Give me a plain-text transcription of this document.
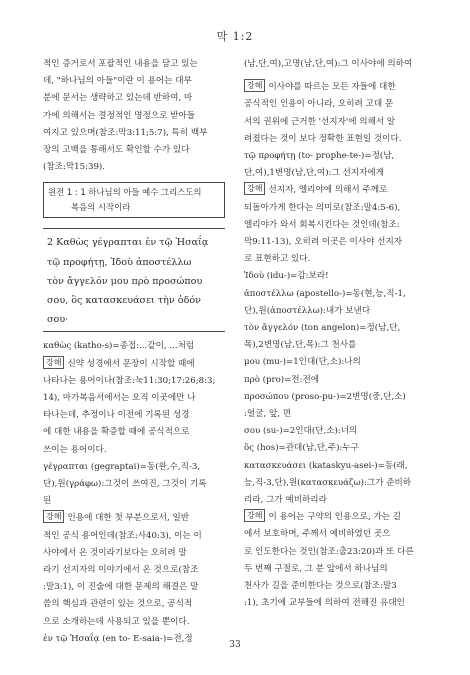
막 1:2
적인 증거로서 포괄적인 내용을 담고 있는
데, "하나님의 아들"이란 이 용어는 대부
분에 문서는 생략하고 있는데 반하여, 마
가에 의해서는 결정적인 명정으로 받아들
여지고 있으며(참조:막3:11;5:7), 특히 백부
장의 고백을 통해서도 확인할 수가 있다
(참조:막15:39).
원전 1 : 1 하나님의 아들 예수 그리스도의
복음의 시작이라
2 Καθὼς γέγραπται ἐν τῷ Ἠσαΐᾳ
τῷ προφήτῃ, Ἰδοὺ ἀποστέλλω
τὸν ἄγγελόν μου πρὸ προσώπου
σου, ὃς κατασκευάσει τὴν ὁδόν
σου·
καθὼς (katho-s)=종접:...같이, ...처럼
강해 신약 성경에서 문장이 시작할 때에
나타나는 용어이나(참조:눅11:30;17:26;8:3;
14), 마가복음서에서는 오직 이곳에만 나
타나는데, 추정이나 이전에 기록된 성경
에 대한 내용을 확증할 때에 공식적으로
쓰이는 용어이다.
γέγραπται (gegraptai)=동(완,수,직-3,
단),원(γράφω):그것이 쓰여진, 그것이 기록
된
강해 인용에 대한 첫 부분으로서, 일반
적인 공식 용어인데(참조:사40:3), 이는 이
사야에서 온 것이라기보다는 오히려 말
라기 선지자의 이야기에서 온 것으로(참조
:말3:1), 이 진술에 대한 문제의 해결은 말
씀의 핵심과 관련이 있는 것으로, 공식적
으로 소개하는데 사용되고 있을 뿐이다.
ἐν τῷ Ἠσαΐᾳ (en to- E-saia-)=전,정
(남,단,여),고명(남,단,여):그 이사야에 의하여
강해 이사야를 따르는 모든 자들에 대한
공식적인 인용이 아니라, 오히려 고대 문
서의 권위에 근거한 '선지자'에 의해서 알
려졌다는 것이 보다 정확한 표현일 것이다.
τῷ προφήτῃ (to- prophe-te-)=정(남,
단,여),1변명(남,단,여):그 선지자에게
강해 선지자, 엘리야에 의해서 주께로
되돌아가게 한다는 의미로(참조:말4:5-6),
엘리야가 와서 회복시킨다는 것인데(참조:
막9:11-13), 오히려 이곳은 이사야 선지자
로 표현하고 있다.
Ἰδοὺ (idu-)=감:보라!
ἀποστέλλω (apostello-)=동(현,능,직-1,
단),원(ἀποστέλλω):내가 보낸다
τὸν ἄγγελόν (ton angelon)=정(남,단,
목),2변명(남,단,목):그 천사를
μου (mu-)=1인대(단,소):나의
πρὸ (pro)=전:전에
προσώπου (proso-pu-)=2변명(중,단,소)
:얼굴, 앞, 면
σου (su-)=2인대(단,소):너의
ὃς (hos)=관대(남,단,주):누구
κατασκευάσει (kataskyu-asei-)=동(래,
능,직-3,단),원(κατασκευάζω):그가 준비하
리라, 그가 예비하리라
강해 이 용어는 구약의 인용으로, 가는 길
에서 보호하며, 주께서 예비하였던 곳으
로 인도한다는 것인(참조:출23:20)과 또 다른
두 번째 구절로, 그 분 앞에서 하나님의
천사가 길을 준비한다는 것으로(참조:말3
:1), 초기에 교부들에 의하여 전해진 유대인
33
